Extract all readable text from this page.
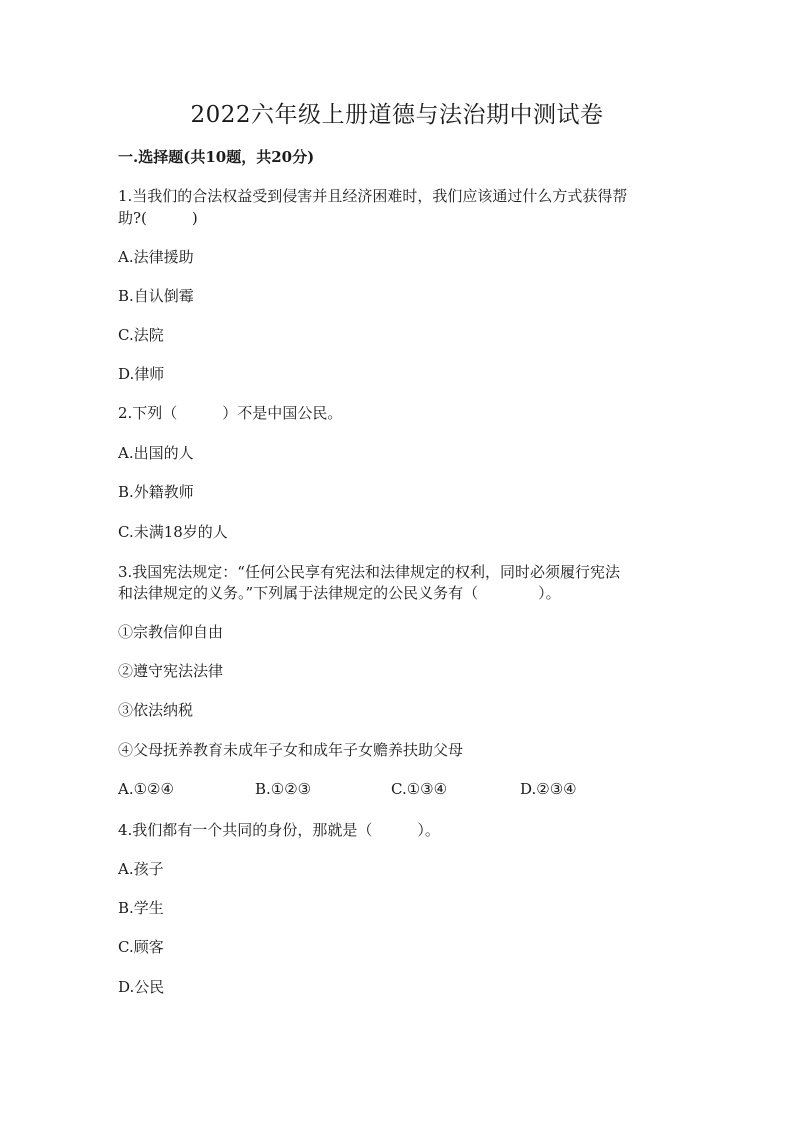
2022六年级上册道德与法治期中测试卷
一.选择题(共10题，共20分)
1.当我们的合法权益受到侵害并且经济困难时，我们应该通过什么方式获得帮
助?(　　　)
A.法律援助
B.自认倒霉
C.法院
D.律师
2.下列（　　　）不是中国公民。
A.出国的人
B.外籍教师
C.未满18岁的人
3.我国宪法规定：“任何公民享有宪法和法律规定的权利，同时必须履行宪法
和法律规定的义务。”下列属于法律规定的公民义务有（　　　　）。
①宗教信仰自由
②遵守宪法法律
③依法纳税
④父母抚养教育未成年子女和成年子女赡养扶助父母
A.①②④	B.①②③	C.①③④	D.②③④
4.我们都有一个共同的身份，那就是（　　　）。
A.孩子
B.学生
C.顾客
D.公民
